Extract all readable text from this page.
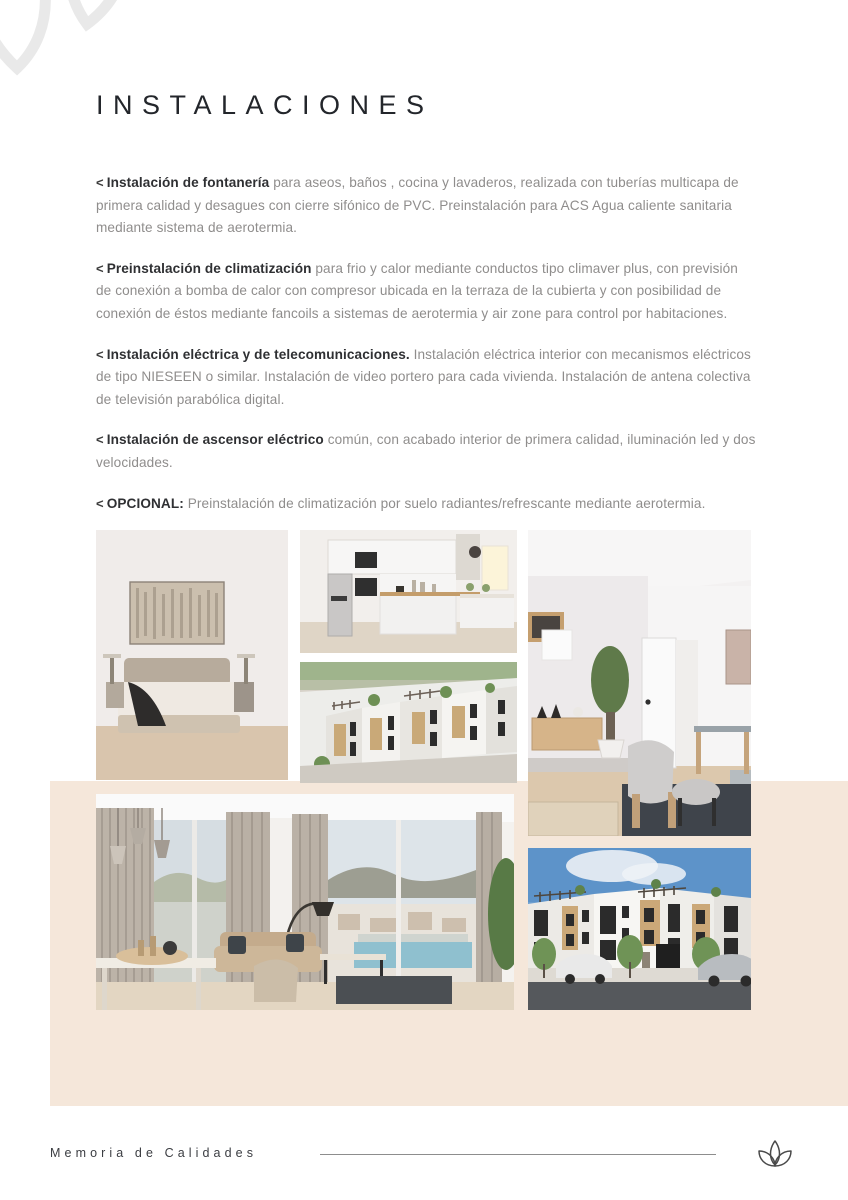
INSTALACIONES

< Instalación de fontanería para aseos, baños , cocina y lavaderos, realizada con tuberías multicapa de primera calidad y desagues con cierre sifónico de PVC. Preinstalación para ACS Agua caliente sanitaria mediante sistema de aerotermia.

< Preinstalación de climatización para frio y calor mediante conductos tipo climaver plus, con previsión de conexión a bomba de calor con compresor ubicada en la terraza de la cubierta y con posibilidad de conexión de éstos mediante fancoils a sistemas de aerotermia y air zone para control por habitaciones.

< Instalación eléctrica y de telecomunicaciones. Instalación eléctrica interior con mecanismos eléctricos de tipo NIESEEN o similar. Instalación de video portero para cada vivienda. Instalación de antena colectiva de televisión parabólica digital.

< Instalación de ascensor eléctrico común, con acabado interior de primera calidad, iluminación led y dos velocidades.

< OPCIONAL: Preinstalación de climatización por suelo radiantes/refrescante mediante aerotermia.

Memoria de Calidades
